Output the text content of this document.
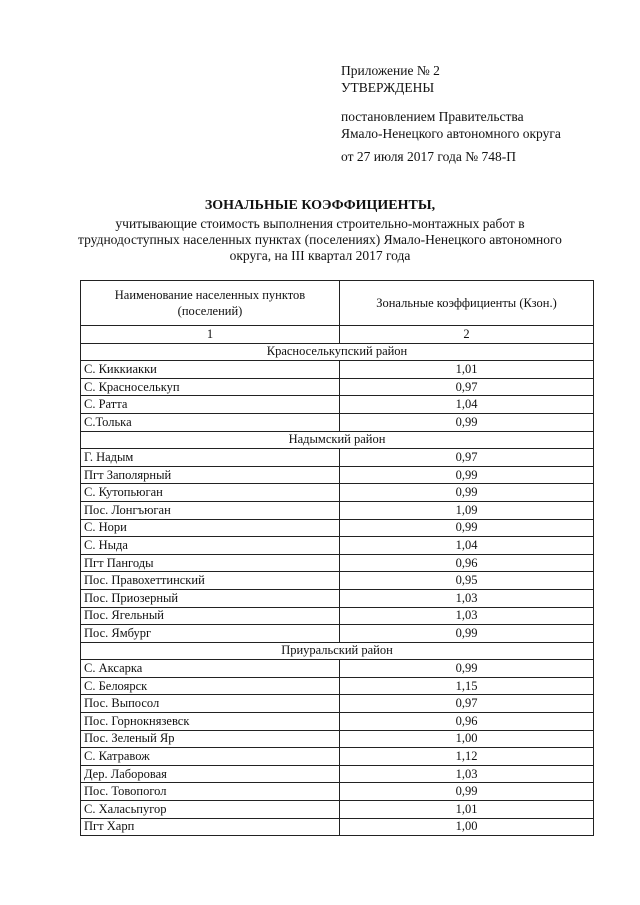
Приложение № 2
УТВЕРЖДЕНЫ
постановлением Правительства
Ямало-Ненецкого автономного округа
от 27 июля 2017 года № 748-П
ЗОНАЛЬНЫЕ КОЭФФИЦИЕНТЫ,
учитывающие стоимость выполнения строительно-монтажных работ в
труднодоступных населенных пунктах (поселениях) Ямало-Ненецкого автономного
округа, на III квартал 2017 года
Наименование населенных пунктов (поселений)	Зональные коэффициенты (Кзон.)
1	2
Красноселькупский район	
С. Киккиакки	1,01
С. Красноселькуп	0,97
С. Ратта	1,04
С.Толька	0,99
Надымский район	
Г. Надым	0,97
Пгт Заполярный	0,99
С. Кутопьюган	0,99
Пос. Лонгъюган	1,09
С. Нори	0,99
С. Ныда	1,04
Пгт Пангоды	0,96
Пос. Правохеттинский	0,95
Пос. Приозерный	1,03
Пос. Ягельный	1,03
Пос. Ямбург	0,99
Приуральский район	
С. Аксарка	0,99
С. Белоярск	1,15
Пос. Выпосол	0,97
Пос. Горнокнязевск	0,96
Пос. Зеленый Яр	1,00
С. Катравож	1,12
Дер. Лаборовая	1,03
Пос. Товопогол	0,99
С. Халасьпугор	1,01
Пгт Харп	1,00
